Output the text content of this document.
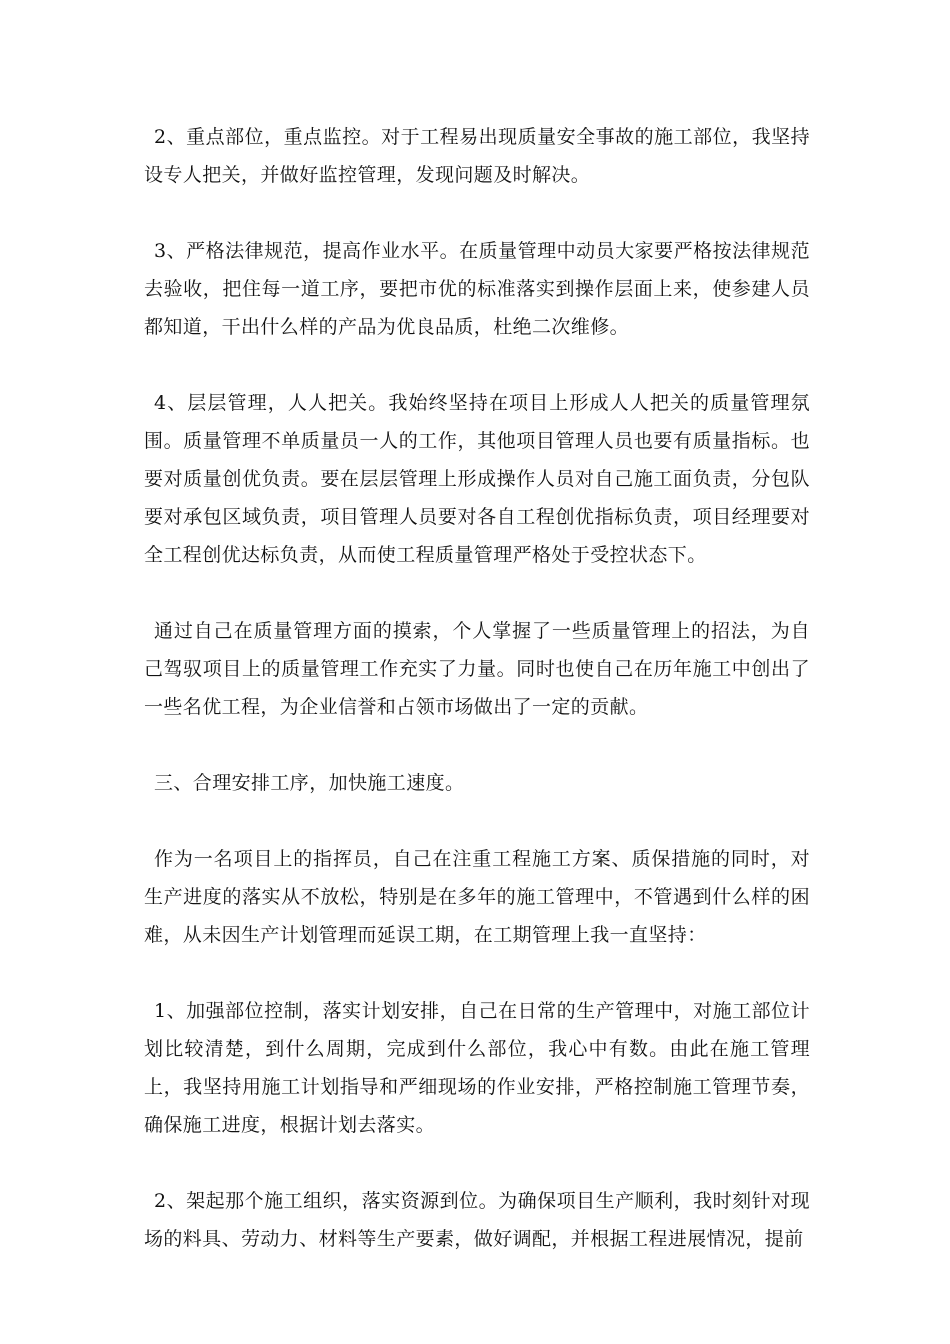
2、重点部位，重点监控。对于工程易出现质量安全事故的施工部位，我坚持设专人把关，并做好监控管理，发现问题及时解决。

3、严格法律规范，提高作业水平。在质量管理中动员大家要严格按法律规范去验收，把住每一道工序，要把市优的标准落实到操作层面上来，使参建人员都知道，干出什么样的产品为优良品质，杜绝二次维修。

4、层层管理，人人把关。我始终坚持在项目上形成人人把关的质量管理氛围。质量管理不单质量员一人的工作，其他项目管理人员也要有质量指标。也要对质量创优负责。要在层层管理上形成操作人员对自己施工面负责，分包队要对承包区域负责，项目管理人员要对各自工程创优指标负责，项目经理要对全工程创优达标负责，从而使工程质量管理严格处于受控状态下。

通过自己在质量管理方面的摸索，个人掌握了一些质量管理上的招法，为自己驾驭项目上的质量管理工作充实了力量。同时也使自己在历年施工中创出了一些名优工程，为企业信誉和占领市场做出了一定的贡献。

三、合理安排工序，加快施工速度。

作为一名项目上的指挥员，自己在注重工程施工方案、质保措施的同时，对生产进度的落实从不放松，特别是在多年的施工管理中，不管遇到什么样的困难，从未因生产计划管理而延误工期，在工期管理上我一直坚持：

1、加强部位控制，落实计划安排，自己在日常的生产管理中，对施工部位计划比较清楚，到什么周期，完成到什么部位，我心中有数。由此在施工管理上，我坚持用施工计划指导和严细现场的作业安排，严格控制施工管理节奏，确保施工进度，根据计划去落实。

2、架起那个施工组织，落实资源到位。为确保项目生产顺利，我时刻针对现场的料具、劳动力、材料等生产要素，做好调配，并根据工程进展情况，提前
